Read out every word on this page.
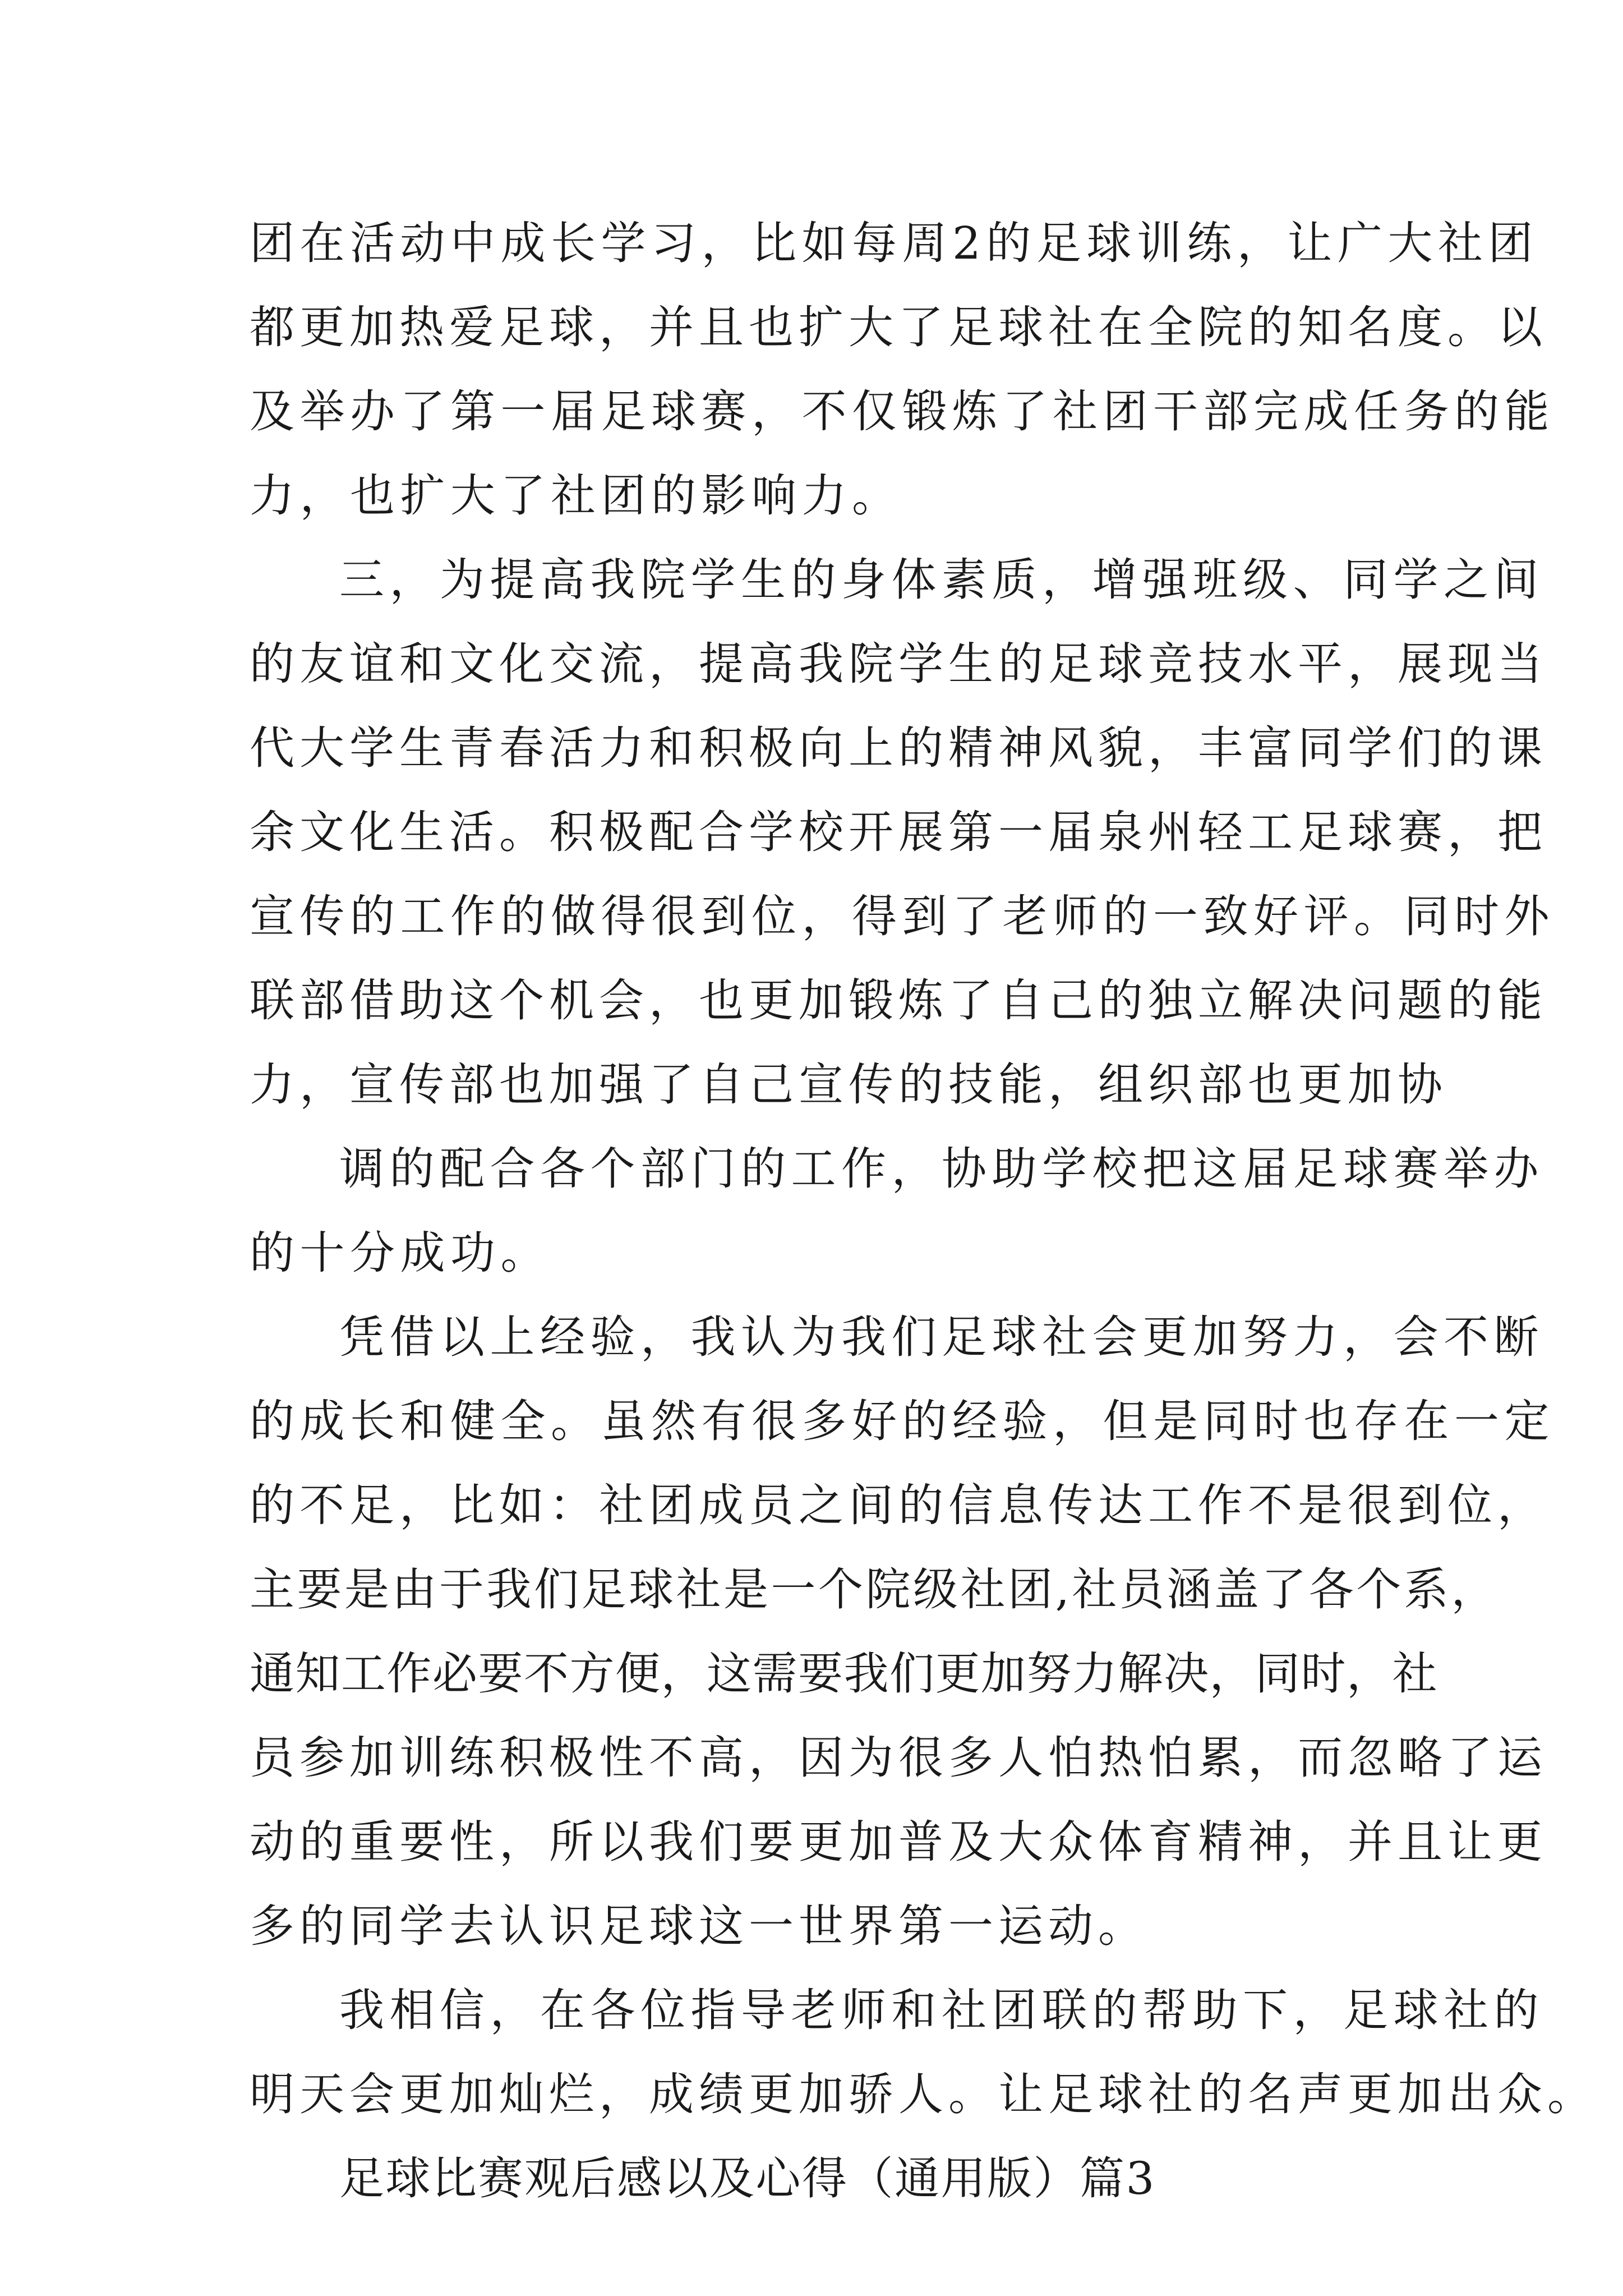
团在活动中成长学习，比如每周2的足球训练，让广大社团
都更加热爱足球，并且也扩大了足球社在全院的知名度。以
及举办了第一届足球赛，不仅锻炼了社团干部完成任务的能
力，也扩大了社团的影响力。
三，为提高我院学生的身体素质，增强班级、同学之间
的友谊和文化交流，提高我院学生的足球竞技水平，展现当
代大学生青春活力和积极向上的精神风貌，丰富同学们的课
余文化生活。积极配合学校开展第一届泉州轻工足球赛，把
宣传的工作的做得很到位，得到了老师的一致好评。同时外
联部借助这个机会，也更加锻炼了自己的独立解决问题的能
力，宣传部也加强了自己宣传的技能，组织部也更加协
调的配合各个部门的工作，协助学校把这届足球赛举办
的十分成功。
凭借以上经验，我认为我们足球社会更加努力，会不断
的成长和健全。虽然有很多好的经验，但是同时也存在一定
的不足，比如：社团成员之间的信息传达工作不是很到位，
主要是由于我们足球社是一个院级社团,社员涵盖了各个系，
通知工作必要不方便，这需要我们更加努力解决，同时，社
员参加训练积极性不高，因为很多人怕热怕累，而忽略了运
动的重要性，所以我们要更加普及大众体育精神，并且让更
多的同学去认识足球这一世界第一运动。
我相信，在各位指导老师和社团联的帮助下，足球社的
明天会更加灿烂，成绩更加骄人。让足球社的名声更加出众。
足球比赛观后感以及心得（通用版）篇3
